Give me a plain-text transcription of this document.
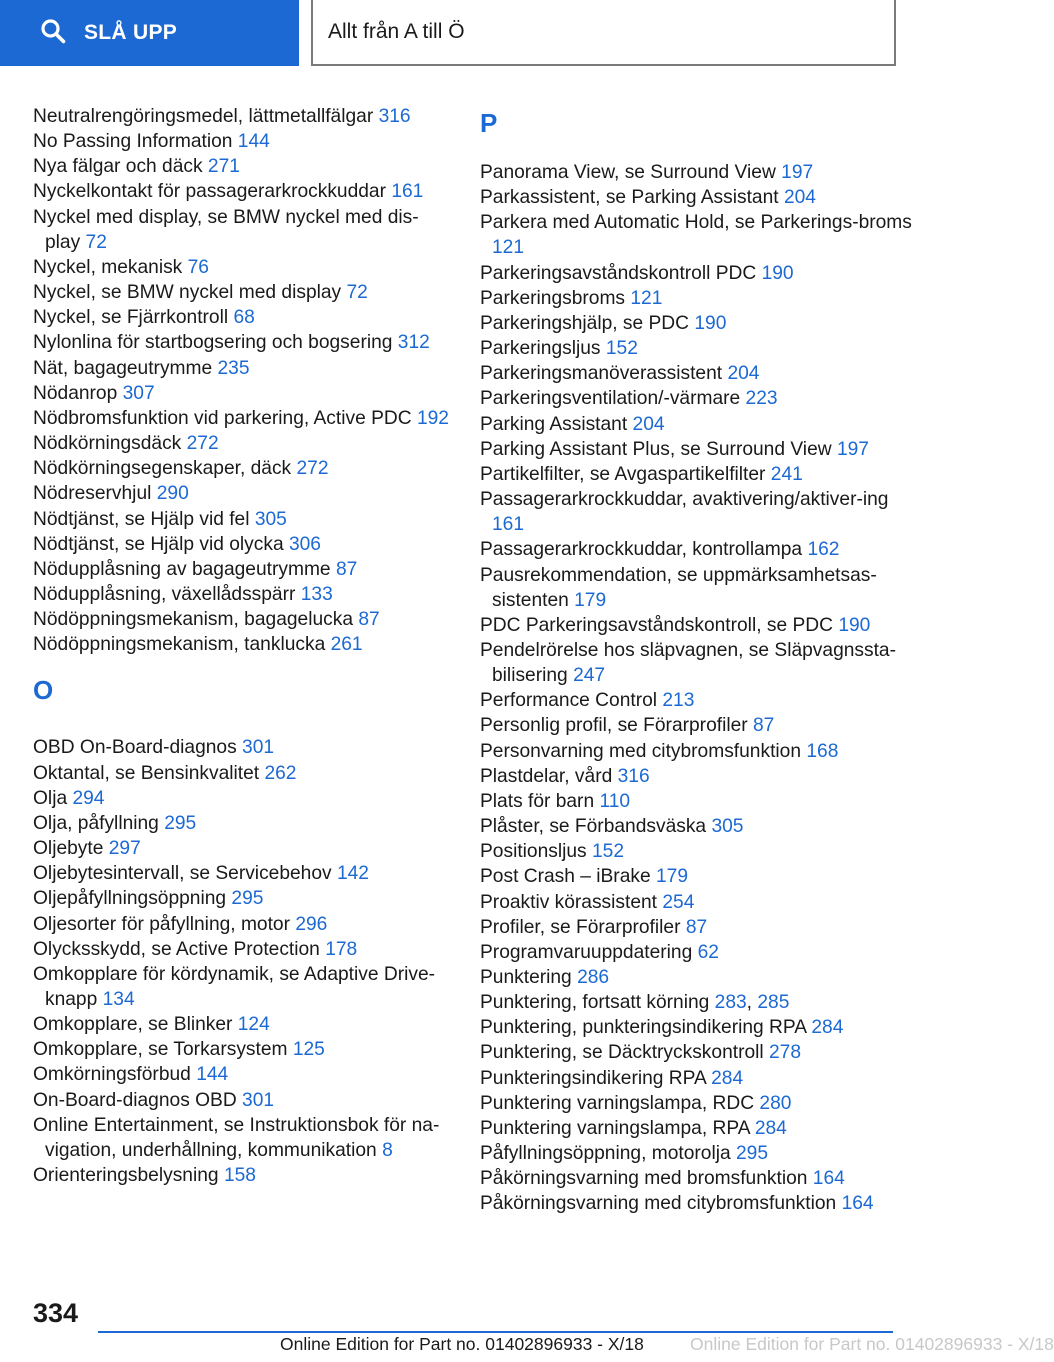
SLÅ UPP	Allt från A till Ö
Neutralrengöringsmedel, lättmetallfälgar 316
No Passing Information 144
Nya fälgar och däck 271
Nyckelkontakt för passagerarkrockkuddar 161
Nyckel med display, se BMW nyckel med dis-​play 72
Nyckel, mekanisk 76
Nyckel, se BMW nyckel med display 72
Nyckel, se Fjärrkontroll 68
Nylonlina för startbogsering och bogsering 312
Nät, bagageutrymme 235
Nödanrop 307
Nödbromsfunktion vid parkering, Active PDC 192
Nödkörningsdäck 272
Nödkörningsegenskaper, däck 272
Nödreservhjul 290
Nödtjänst, se Hjälp vid fel 305
Nödtjänst, se Hjälp vid olycka 306
Nödupplåsning av bagageutrymme 87
Nödupplåsning, växellådsspärr 133
Nödöppningsmekanism, bagagelucka 87
Nödöppningsmekanism, tanklucka 261
O
OBD On-Board-​diagnos 301
Oktantal, se Bensinkvalitet 262
Olja 294
Olja, påfyllning 295
Oljebyte 297
Oljebytesintervall, se Servicebehov 142
Oljepåfyllningsöppning 295
Oljesorter för påfyllning, motor 296
Olycksskydd, se Active Protection 178
Omkopplare för kördynamik, se Adaptive Drive-​knapp 134
Omkopplare, se Blinker 124
Omkopplare, se Torkarsystem 125
Omkörningsförbud 144
On-Board-​diagnos OBD 301
Online Entertainment, se Instruktionsbok för na-​vigation, underhållning, kommunikation 8
Orienteringsbelysning 158
P
Panorama View, se Surround View 197
Parkassistent, se Parking Assistant 204
Parkera med Automatic Hold, se Parkerings-​broms 121
Parkeringsavståndskontroll PDC 190
Parkeringsbroms 121
Parkeringshjälp, se PDC 190
Parkeringsljus 152
Parkeringsmanöverassistent 204
Parkeringsventilation/-värmare 223
Parking Assistant 204
Parking Assistant Plus, se Surround View 197
Partikelfilter, se Avgaspartikelfilter 241
Passagerarkrockkuddar, avaktivering/aktiver-​ing 161
Passagerarkrockkuddar, kontrollampa 162
Pausrekommendation, se uppmärksamhetsas-​sistenten 179
PDC Parkeringsavståndskontroll, se PDC 190
Pendelrörelse hos släpvagnen, se Släpvagnssta-​bilisering 247
Performance Control 213
Personlig profil, se Förarprofiler 87
Personvarning med citybromsfunktion 168
Plastdelar, vård 316
Plats för barn 110
Plåster, se Förbandsväska 305
Positionsljus 152
Post Crash – iBrake 179
Proaktiv körassistent 254
Profiler, se Förarprofiler 87
Programvaruuppdatering 62
Punktering 286
Punktering, fortsatt körning 283, 285
Punktering, punkteringsindikering RPA 284
Punktering, se Däcktryckskontroll 278
Punkteringsindikering RPA 284
Punktering varningslampa, RDC 280
Punktering varningslampa, RPA 284
Påfyllningsöppning, motorolja 295
Påkörningsvarning med bromsfunktion 164
Påkörningsvarning med citybromsfunktion 164
334
Online Edition for Part no. 01402896933 - X/18	Online Edition for Part no. 01402896933 - X/18
